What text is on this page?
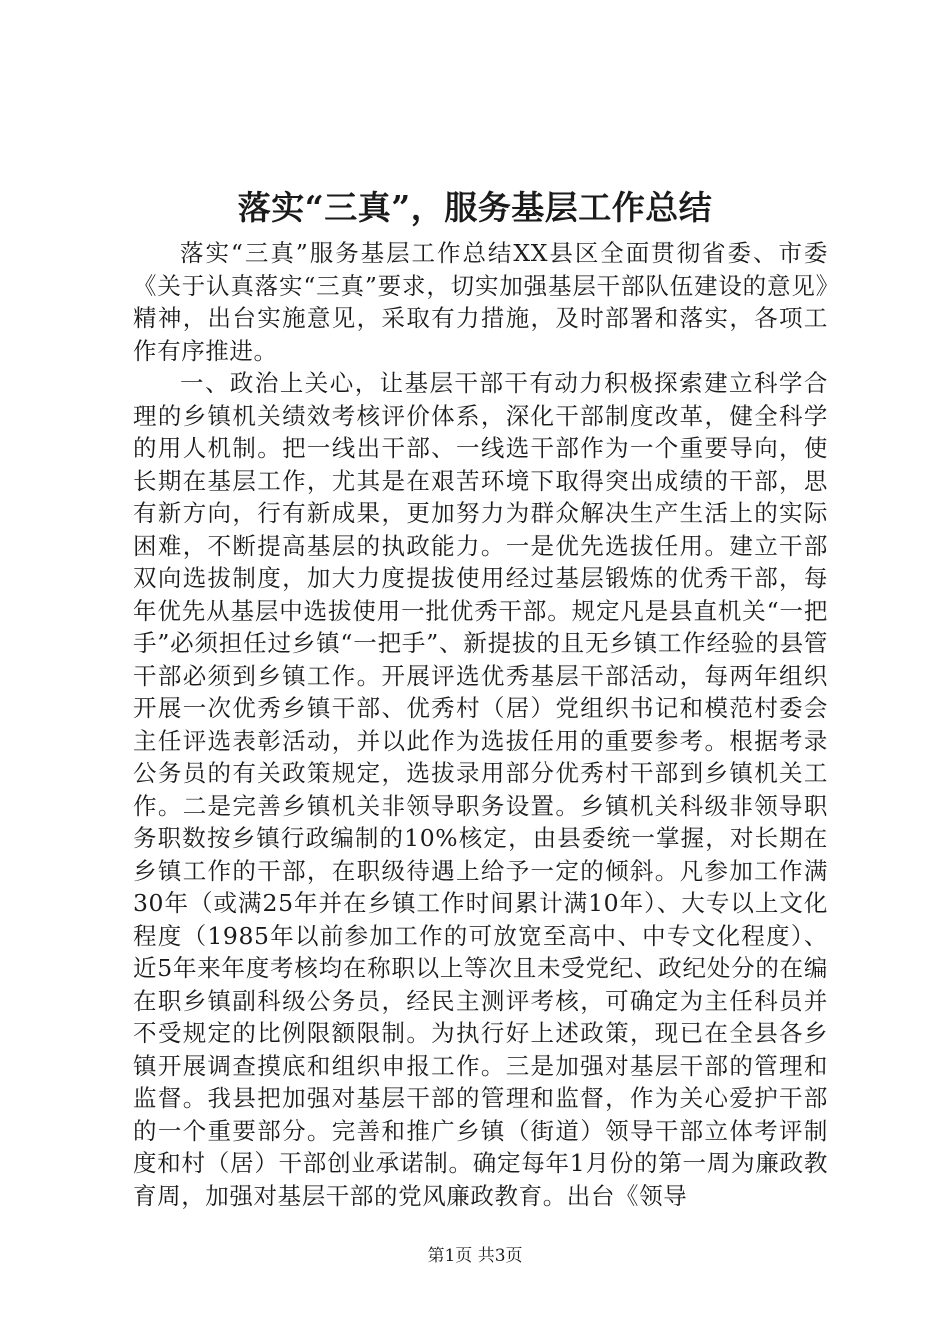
落实“三真”，服务基层工作总结

落实“三真”服务基层工作总结XX县区全面贯彻省委、市委《关于认真落实“三真”要求，切实加强基层干部队伍建设的意见》精神，出台实施意见，采取有力措施，及时部署和落实，各项工作有序推进。

一、政治上关心，让基层干部干有动力积极探索建立科学合理的乡镇机关绩效考核评价体系，深化干部制度改革，健全科学的用人机制。把一线出干部、一线选干部作为一个重要导向，使长期在基层工作，尤其是在艰苦环境下取得突出成绩的干部，思有新方向，行有新成果，更加努力为群众解决生产生活上的实际困难，不断提高基层的执政能力。一是优先选拔任用。建立干部双向选拔制度，加大力度提拔使用经过基层锻炼的优秀干部，每年优先从基层中选拔使用一批优秀干部。规定凡是县直机关“一把手”必须担任过乡镇“一把手”、新提拔的且无乡镇工作经验的县管干部必须到乡镇工作。开展评选优秀基层干部活动，每两年组织开展一次优秀乡镇干部、优秀村（居）党组织书记和模范村委会主任评选表彰活动，并以此作为选拔任用的重要参考。根据考录公务员的有关政策规定，选拔录用部分优秀村干部到乡镇机关工作。二是完善乡镇机关非领导职务设置。乡镇机关科级非领导职务职数按乡镇行政编制的10%核定，由县委统一掌握，对长期在乡镇工作的干部，在职级待遇上给予一定的倾斜。凡参加工作满30年（或满25年并在乡镇工作时间累计满10年）、大专以上文化程度（1985年以前参加工作的可放宽至高中、中专文化程度）、近5年来年度考核均在称职以上等次且未受党纪、政纪处分的在编在职乡镇副科级公务员，经民主测评考核，可确定为主任科员并不受规定的比例限额限制。为执行好上述政策，现已在全县各乡镇开展调查摸底和组织申报工作。三是加强对基层干部的管理和监督。我县把加强对基层干部的管理和监督，作为关心爱护干部的一个重要部分。完善和推广乡镇（街道）领导干部立体考评制度和村（居）干部创业承诺制。确定每年1月份的第一周为廉政教育周，加强对基层干部的党风廉政教育。出台《领导

第1页 共3页
